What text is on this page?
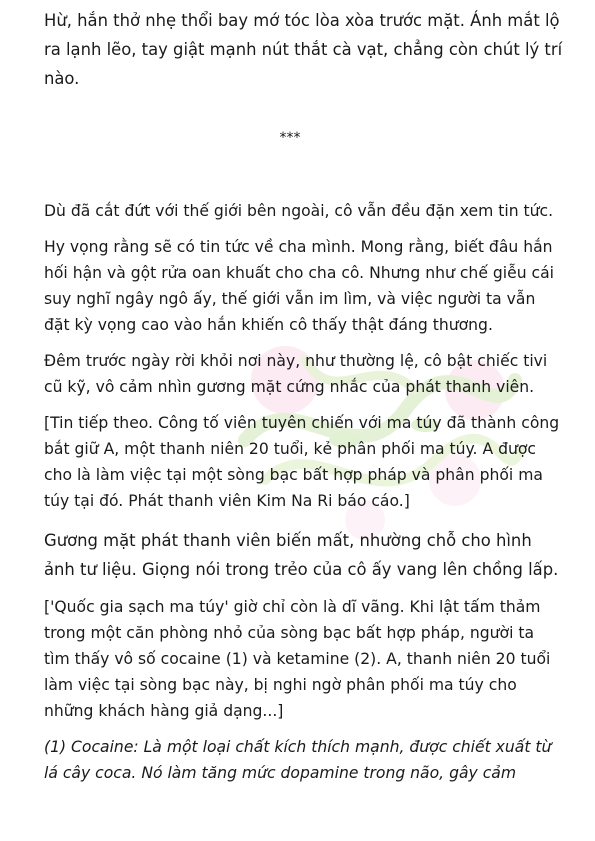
Hừ, hắn thở nhẹ thổi bay mớ tóc lòa xòa trước mặt. Ánh mắt lộ ra lạnh lẽo, tay giật mạnh nút thắt cà vạt, chẳng còn chút lý trí nào.

***

Dù đã cắt đứt với thế giới bên ngoài, cô vẫn đều đặn xem tin tức.

Hy vọng rằng sẽ có tin tức về cha mình. Mong rằng, biết đâu hắn hối hận và gột rửa oan khuất cho cha cô. Nhưng như chế giễu cái suy nghĩ ngây ngô ấy, thế giới vẫn im lìm, và việc người ta vẫn đặt kỳ vọng cao vào hắn khiến cô thấy thật đáng thương.

Đêm trước ngày rời khỏi nơi này, như thường lệ, cô bật chiếc tivi cũ kỹ, vô cảm nhìn gương mặt cứng nhắc của phát thanh viên.

[Tin tiếp theo. Công tố viên tuyên chiến với ma túy đã thành công bắt giữ A, một thanh niên 20 tuổi, kẻ phân phối ma túy. A được cho là làm việc tại một sòng bạc bất hợp pháp và phân phối ma túy tại đó. Phát thanh viên Kim Na Ri báo cáo.]

Gương mặt phát thanh viên biến mất, nhường chỗ cho hình ảnh tư liệu. Giọng nói trong trẻo của cô ấy vang lên chồng lấp.

['Quốc gia sạch ma túy' giờ chỉ còn là dĩ vãng. Khi lật tấm thảm trong một căn phòng nhỏ của sòng bạc bất hợp pháp, người ta tìm thấy vô số cocaine (1) và ketamine (2). A, thanh niên 20 tuổi làm việc tại sòng bạc này, bị nghi ngờ phân phối ma túy cho những khách hàng giả dạng...]

(1) Cocaine: Là một loại chất kích thích mạnh, được chiết xuất từ lá cây coca. Nó làm tăng mức dopamine trong não, gây cảm
